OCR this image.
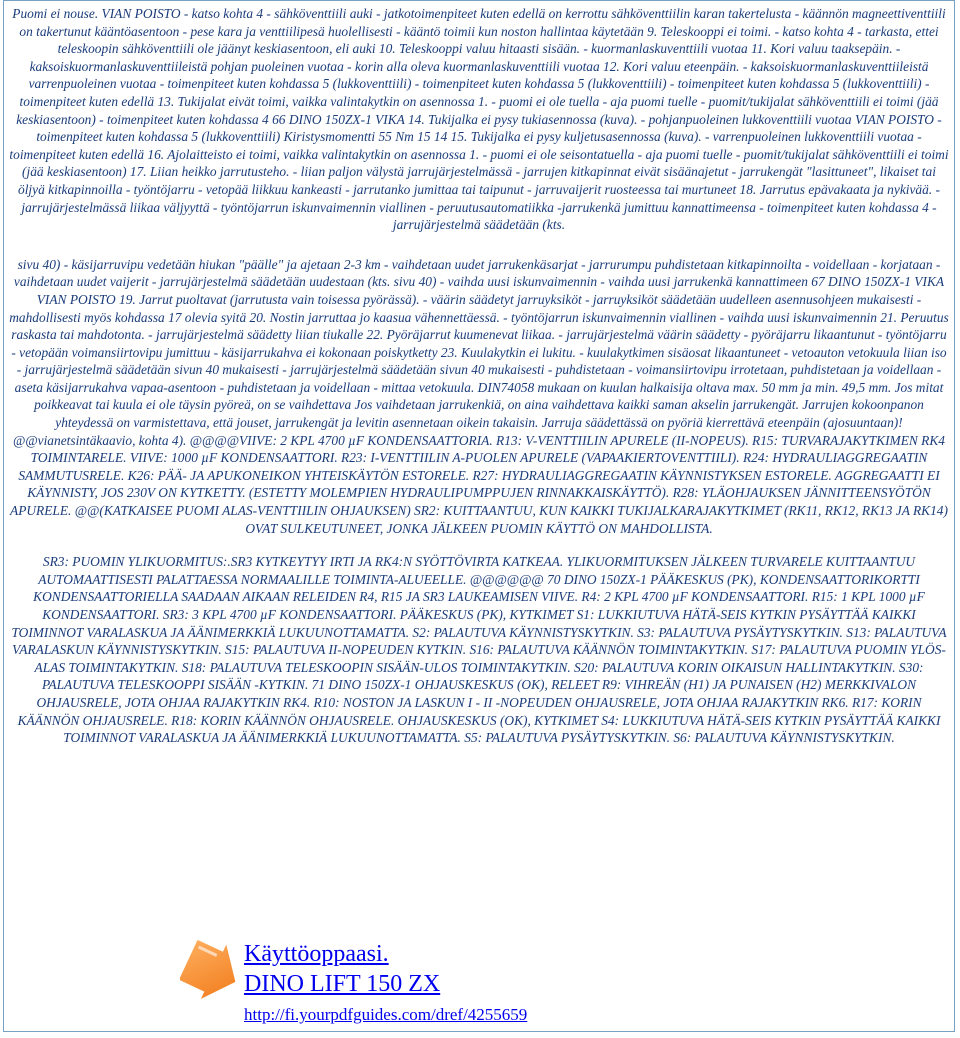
Puomi ei nouse. VIAN POISTO - katso kohta 4 - sähköventtiili auki - jatkotoimenpiteet kuten edellä on kerrottu sähköventtiilin karan takertelusta - käännön magneettiventtiili on takertunut kääntöasentoon - pese kara ja venttiilipesä huolellisesti - kääntö toimii kun noston hallintaa käytetään 9. Teleskooppi ei toimi. - katso kohta 4 - tarkasta, ettei teleskoopin sähköventtiili ole jäänyt keskiasentoon, eli auki 10. Teleskooppi valuu hitaasti sisään. - kuormanlaskuventtiili vuotaa 11. Kori valuu taaksepäin. - kaksoiskuormanlaskuventtiileistä pohjan puoleinen vuotaa - korin alla oleva kuormanlaskuventtiili vuotaa 12. Kori valuu eteenpäin. - kaksoiskuormanlaskuventtiileistä varrenpuoleinen vuotaa - toimenpiteet kuten kohdassa 5 (lukkoventtiili) - toimenpiteet kuten kohdassa 5 (lukkoventtiili) - toimenpiteet kuten kohdassa 5 (lukkoventtiili) - toimenpiteet kuten edellä 13. Tukijalat eivät toimi, vaikka valintakytkin on asennossa 1. - puomi ei ole tuella - aja puomi tuelle - puomit/tukijalat sähköventtiili ei toimi (jää keskiasentoon) - toimenpiteet kuten kohdassa 4 66 DINO 150ZX-1 VIKA 14. Tukijalka ei pysy tukiasennossa (kuva). - pohjanpuoleinen lukkoventtiili vuotaa VIAN POISTO - toimenpiteet kuten kohdassa 5 (lukkoventtiili) Kiristysmomentti 55 Nm 15 14 15. Tukijalka ei pysy kuljetusasennossa (kuva). - varrenpuoleinen lukkoventtiili vuotaa - toimenpiteet kuten edellä 16. Ajolaitteisto ei toimi, vaikka valintakytkin on asennossa 1. - puomi ei ole seisontatuella - aja puomi tuelle - puomit/tukijalat sähköventtiili ei toimi (jää keskiasentoon) 17. Liian heikko jarrutusteho. - liian paljon välystä jarrujärjestelmässä - jarrujen kitkapinnat eivät sisäänajetut - jarrukengät "lasittuneet", likaiset tai öljyä kitkapinnoilla - työntöjarru - vetopää liikkuu kankeasti - jarrutanko jumittaa tai taipunut - jarruvaijerit ruosteessa tai murtuneet 18. Jarrutus epävakaata ja nykivää. - jarrujärjestelmässä liikaa väljyyttä - työntöjarrun iskunvaimennin viallinen - peruutusautomatiikka -jarrukenkä jumittuu kannattimeensa - toimenpiteet kuten kohdassa 4 - jarrujärjestelmä säädetään (kts.

sivu 40) - käsijarruvipu vedetään hiukan "päälle" ja ajetaan 2-3 km - vaihdetaan uudet jarrukenkäsarjat - jarrurumpu puhdistetaan kitkapinnoilta - voidellaan - korjataan - vaihdetaan uudet vaijerit - jarrujärjestelmä säädetään uudestaan (kts. sivu 40) - vaihda uusi iskunvaimennin - vaihda uusi jarrukenkä kannattimeen 67 DINO 150ZX-1 VIKA VIAN POISTO 19. Jarrut puoltavat (jarrutusta vain toisessa pyörässä). - väärin säädetyt jarruyksiköt - jarruyksiköt säädetään uudelleen asennusohjeen mukaisesti - mahdollisesti myös kohdassa 17 olevia syitä 20. Nostin jarruttaa jo kaasua vähennettäessä. - työntöjarrun iskunvaimennin viallinen - vaihda uusi iskunvaimennin 21. Peruutus raskasta tai mahdotonta. - jarrujärjestelmä säädetty liian tiukalle 22. Pyöräjarrut kuumenevat liikaa. - jarrujärjestelmä väärin säädetty - pyöräjarru likaantunut - työntöjarru - vetopään voimansiirtovipu jumittuu - käsijarrukahva ei kokonaan poiskytketty 23. Kuulakytkin ei lukitu. - kuulakytkimen sisäosat likaantuneet - vetoauton vetokuula liian iso - jarrujärjestelmä säädetään sivun 40 mukaisesti - jarrujärjestelmä säädetään sivun 40 mukaisesti - puhdistetaan - voimansiirtovipu irrotetaan, puhdistetaan ja voidellaan - aseta käsijarrukahva vapaa-asentoon - puhdistetaan ja voidellaan - mittaa vetokuula. DIN74058 mukaan on kuulan halkaisija oltava max. 50 mm ja min. 49,5 mm. Jos mitat poikkeavat tai kuula ei ole täysin pyöreä, on se vaihdettava Jos vaihdetaan jarrukenkiä, on aina vaihdettava kaikki saman akselin jarrukengät. Jarrujen kokoonpanon yhteydessä on varmistettava, että jouset, jarrukengät ja levitin asennetaan oikein takaisin. Jarruja säädettässä on pyöriä kierrettävä eteenpäin (ajosuuntaan)! @@vianetsintäkaavio, kohta 4). @@@@VIIVE: 2 KPL 4700 µF KONDENSAATTORIA. R13: V-VENTTIILIN APURELE (II-NOPEUS). R15: TURVARAJAKYTKIMEN RK4 TOIMINTARELE. VIIVE: 1000 µF KONDENSAATTORI. R23: I-VENTTIILIN A-PUOLEN APURELE (VAPAAKIERTOVENTTIILI). R24: HYDRAULIAGGREGAATIN SAMMUTUSRELE. K26: PÄÄ- JA APUKONEIKON YHTEISKÄYTÖN ESTORELE. R27: HYDRAULIAGGREGAATIN KÄYNNISTYKSEN ESTORELE. AGGREGAATTI EI KÄYNNISTY, JOS 230V ON KYTKETTY. (ESTETTY MOLEMPIEN HYDRAULIPUMPPUJEN RINNAKKAISKÄYTTÖ). R28: YLÄOHJAUKSEN JÄNNITTEENSYÖTÖN APURELE. @@(KATKAISEE PUOMI ALAS-VENTTIILIN OHJAUKSEN) SR2: KUITTAANTUU, KUN KAIKKI TUKIJALKARAJAKYTKIMET (RK11, RK12, RK13 JA RK14) OVAT SULKEUTUNEET, JONKA JÄLKEEN PUOMIN KÄYTTÖ ON MAHDOLLISTA.

SR3: PUOMIN YLIKUORMITUS:.SR3 KYTKEYTYY IRTI JA RK4:N SYÖTTÖVIRTA KATKEAA. YLIKUORMITUKSEN JÄLKEEN TURVARELE KUITTAANTUU AUTOMAATTISESTI PALATTAESSA NORMAALILLE TOIMINTA-ALUEELLE. @@@@@@ 70 DINO 150ZX-1 PÄÄKESKUS (PK), KONDENSAATTORIKORTTI KONDENSAATTORIELLA SAADAAN AIKAAN RELEIDEN R4, R15 JA SR3 LAUKEAMISEN VIIVE. R4: 2 KPL 4700 µF KONDENSAATTORI. R15: 1 KPL 1000 µF KONDENSAATTORI. SR3: 3 KPL 4700 µF KONDENSAATTORI. PÄÄKESKUS (PK), KYTKIMET S1: LUKKIUTUVA HÄTÄ-SEIS KYTKIN PYSÄYTTÄÄ KAIKKI TOIMINNOT VARALASKUA JA ÄÄNIMERKKIÄ LUKUUNOTTAMATTA. S2: PALAUTUVA KÄYNNISTYSKYTKIN. S3: PALAUTUVA PYSÄYTYSKYTKIN. S13: PALAUTUVA VARALASKUN KÄYNNISTYSKYTKIN. S15: PALAUTUVA II-NOPEUDEN KYTKIN. S16: PALAUTUVA KÄÄNNÖN TOIMINTAKYTKIN. S17: PALAUTUVA PUOMIN YLÖS-ALAS TOIMINTAKYTKIN. S18: PALAUTUVA TELESKOOPIN SISÄÄN-ULOS TOIMINTAKYTKIN. S20: PALAUTUVA KORIN OIKAISUN HALLINTAKYTKIN. S30: PALAUTUVA TELESKOOPPI SISÄÄN -KYTKIN. 71 DINO 150ZX-1 OHJAUSKESKUS (OK), RELEET R9: VIHREÄN (H1) JA PUNAISEN (H2) MERKKIVALON OHJAUSRELE, JOTA OHJAA RAJAKYTKIN RK4. R10: NOSTON JA LASKUN I - II -NOPEUDEN OHJAUSRELE, JOTA OHJAA RAJAKYTKIN RK6. R17: KORIN KÄÄNNÖN OHJAUSRELE. R18: KORIN KÄÄNNÖN OHJAUSRELE. OHJAUSKESKUS (OK), KYTKIMET S4: LUKKIUTUVA HÄTÄ-SEIS KYTKIN PYSÄYTTÄÄ KAIKKI TOIMINNOT VARALASKUA JA ÄÄNIMERKKIÄ LUKUUNOTTAMATTA. S5: PALAUTUVA PYSÄYTYSKYTKIN. S6: PALAUTUVA KÄYNNISTYSKYTKIN.

Käyttöoppaasi.
DINO LIFT 150 ZX
http://fi.yourpdfguides.com/dref/4255659
